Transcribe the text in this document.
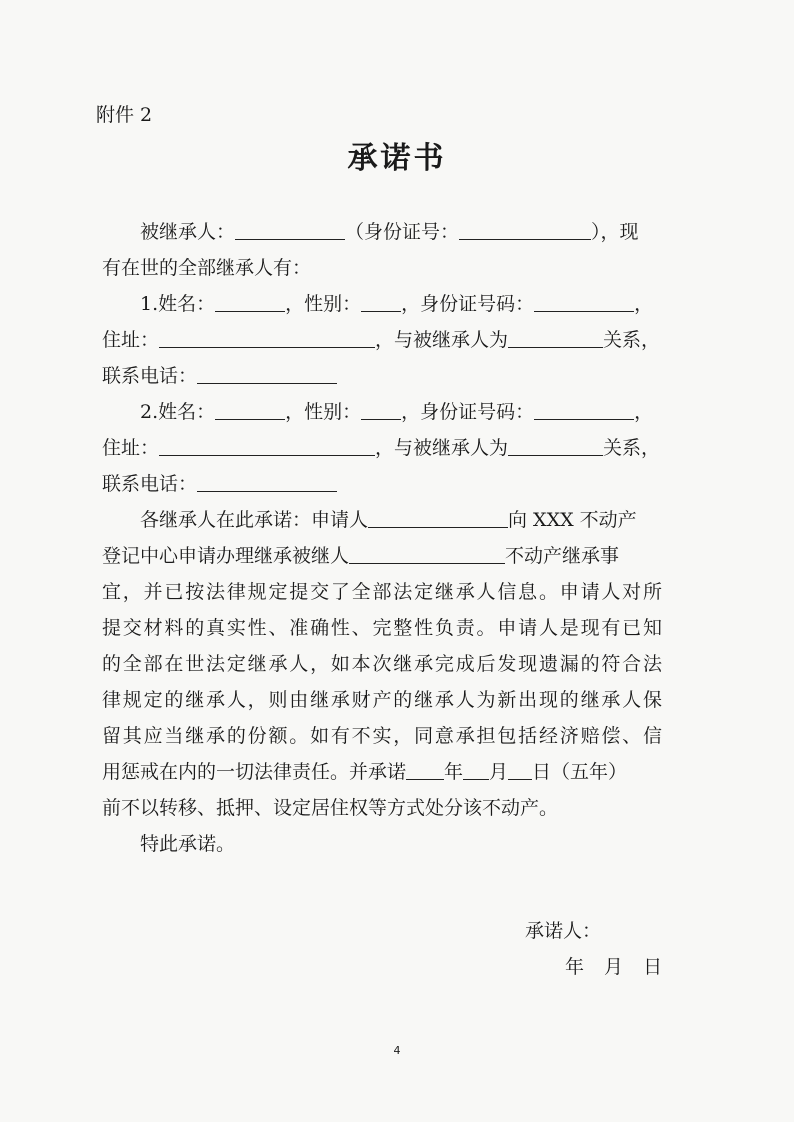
附件 2
承诺书
被继承人：	（身份证号：	），现
有在世的全部继承人有：
1.姓名：	，性别： ，身份证号码：	，
住址：	，与被继承人为	关系，
联系电话：
2.姓名：	，性别： ，身份证号码：	，
住址：	，与被继承人为	关系，
联系电话：
各继承人在此承诺：申请人	向 XXX 不动产
登记中心申请办理继承被继人	不动产继承事
宜，并已按法律规定提交了全部法定继承人信息。申请人对所
提交材料的真实性、准确性、完整性负责。申请人是现有已知
的全部在世法定继承人，如本次继承完成后发现遗漏的符合法
律规定的继承人，则由继承财产的继承人为新出现的继承人保
留其应当继承的份额。如有不实，同意承担包括经济赔偿、信
用惩戒在内的一切法律责任。并承诺 年 月 日（五年）
前不以转移、抵押、设定居住权等方式处分该不动产。
特此承诺。
承诺人：
年 月 日
4
